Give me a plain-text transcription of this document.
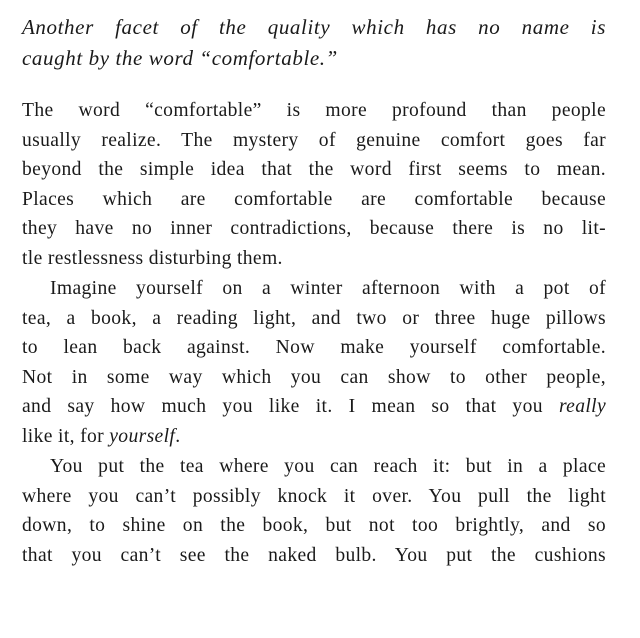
Another facet of the quality which has no name is
caught by the word “comfortable.”

The word “comfortable” is more profound than people
usually realize. The mystery of genuine comfort goes far
beyond the simple idea that the word first seems to mean.
Places which are comfortable are comfortable because
they have no inner contradictions, because there is no lit-
tle restlessness disturbing them.

Imagine yourself on a winter afternoon with a pot of
tea, a book, a reading light, and two or three huge pillows
to lean back against. Now make yourself comfortable.
Not in some way which you can show to other people,
and say how much you like it. I mean so that you really
like it, for yourself.

You put the tea where you can reach it: but in a place
where you can’t possibly knock it over. You pull the light
down, to shine on the book, but not too brightly, and so
that you can’t see the naked bulb. You put the cushions
